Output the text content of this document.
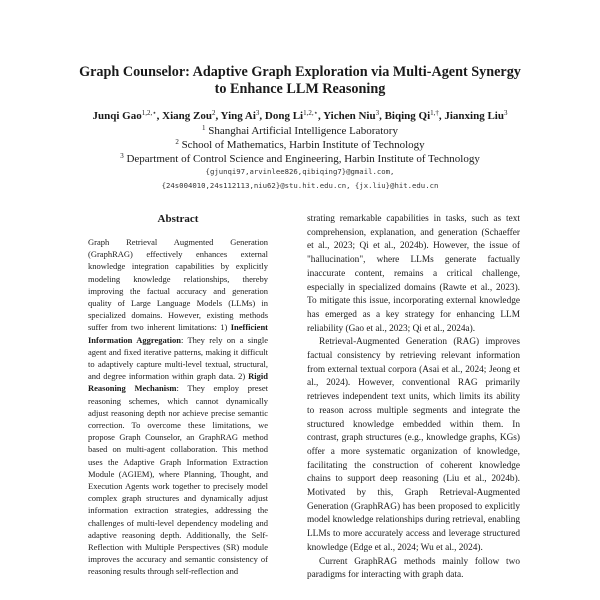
Graph Counselor: Adaptive Graph Exploration via Multi-Agent Synergy
to Enhance LLM Reasoning
Junqi Gao$^{1,2,⋆}$, Xiang Zou$^2$, Ying Ai$^3$, Dong $Li^{1,2,⋆}$, Yichen Niu$^3$, Biqing $Qi^{1,\dagger}$, Jianxing Liu$^3$
$^1$ Shanghai Artificial Intelligence Laboratory
$^2$ School of Mathematics, Harbin Institute of Technology
$^3$ Department of Control Science and Engineering, Harbin Institute of Technology
{gjunqi97,arvinlee826,qibiqing7}@gmail.com,
{24s004010,24s112113,niu62}@stu.hit.edu.cn, {jx.liu}@hit.edu.cn
Abstract

Graph Retrieval Augmented Generation (GraphRAG) effectively enhances external knowledge integration capabilities by explicitly modeling knowledge relationships, thereby improving the factual accuracy and generation quality of Large Language Models (LLMs) in specialized domains. However, existing methods suffer from two inherent limitations: 1) Inefficient Information Aggregation: They rely on a single agent and fixed iterative patterns, making it difficult to adaptively capture multi-level textual, structural, and degree information within graph data. 2) Rigid Reasoning Mechanism: They employ preset reasoning schemes, which cannot dynamically adjust reasoning depth nor achieve precise semantic correction. To overcome these limitations, we propose Graph Counselor, an GraphRAG method based on multi-agent collaboration. This method uses the Adaptive Graph Information Extraction Module (AGIEM), where Planning, Thought, and Execution Agents work together to precisely model complex graph structures and dynamically adjust information extraction strategies, addressing the challenges of multi-level dependency modeling and adaptive reasoning depth. Additionally, the Self-Reflection with Multiple Perspectives (SR) module improves the accuracy and semantic consistency of reasoning results through self-reflection and

strating remarkable capabilities in tasks, such as text comprehension, explanation, and generation (Schaeffer et al., 2023; Qi et al., 2024b). However, the issue of "hallucination", where LLMs generate factually inaccurate content, remains a critical challenge, especially in specialized domains (Rawte et al., 2023). To mitigate this issue, incorporating external knowledge has emerged as a key strategy for enhancing LLM reliability (Gao et al., 2023; Qi et al., 2024a).

Retrieval-Augmented Generation (RAG) improves factual consistency by retrieving relevant information from external textual corpora (Asai et al., 2024; Jeong et al., 2024). However, conventional RAG primarily retrieves independent text units, which limits its ability to reason across multiple segments and integrate the structured knowledge embedded within them. In contrast, graph structures (e.g., knowledge graphs, KGs) offer a more systematic organization of knowledge, facilitating the construction of coherent knowledge chains to support deep reasoning (Liu et al., 2024b). Motivated by this, Graph Retrieval-Augmented Generation (GraphRAG) has been proposed to explicitly model knowledge relationships during retrieval, enabling LLMs to more accurately access and leverage structured knowledge (Edge et al., 2024; Wu et al., 2024).

Current GraphRAG methods mainly follow two paradigms for interacting with graph data.
